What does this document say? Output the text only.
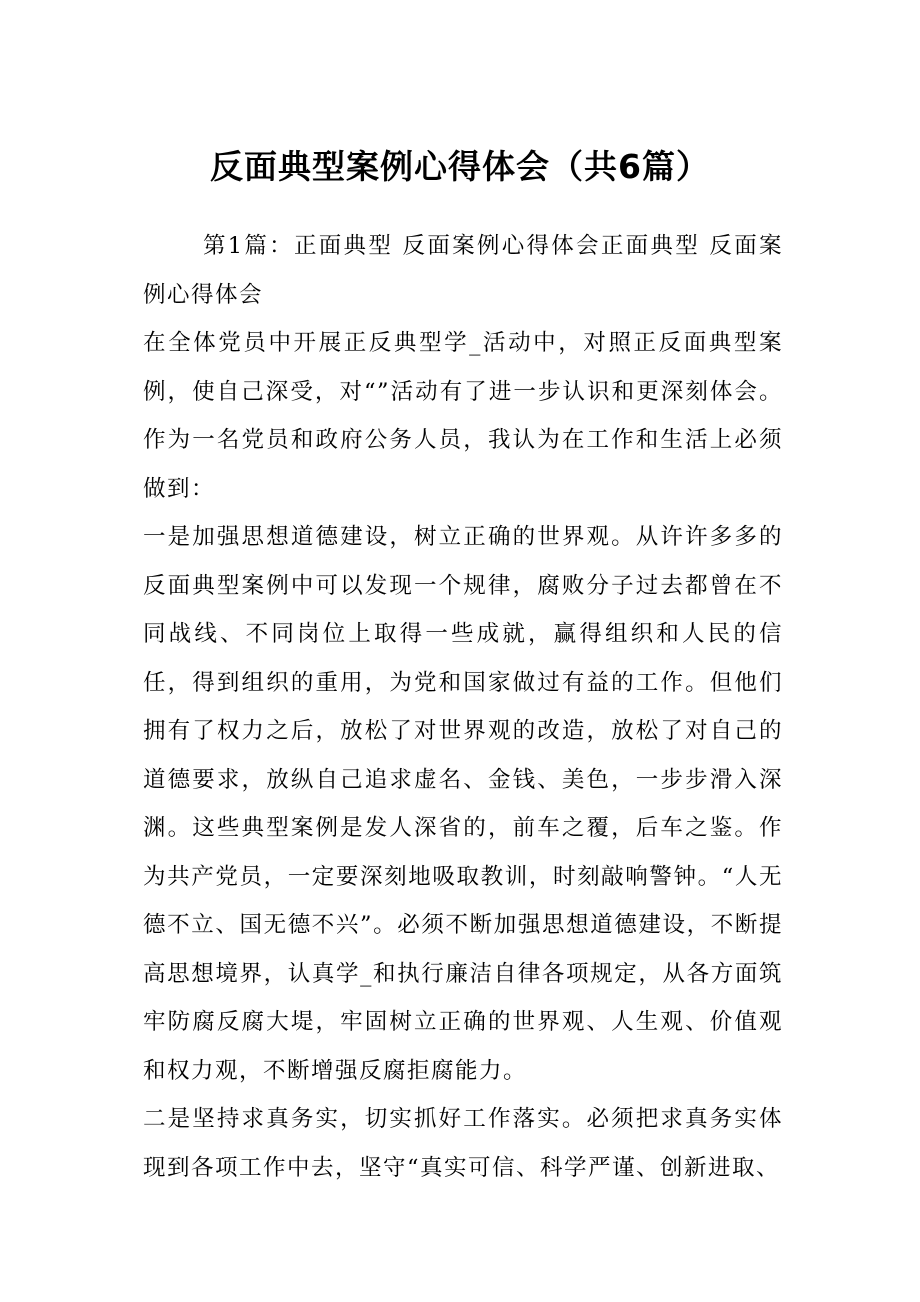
反面典型案例心得体会（共6篇）

第1篇：正面典型 反面案例心得体会正面典型 反面案例心得体会

在全体党员中开展正反典型学_活动中，对照正反面典型案例，使自己深受，对“”活动有了进一步认识和更深刻体会。作为一名党员和政府公务人员，我认为在工作和生活上必须做到：

一是加强思想道德建设，树立正确的世界观。从许许多多的反面典型案例中可以发现一个规律，腐败分子过去都曾在不同战线、不同岗位上取得一些成就，赢得组织和人民的信任，得到组织的重用，为党和国家做过有益的工作。但他们拥有了权力之后，放松了对世界观的改造，放松了对自己的道德要求，放纵自己追求虚名、金钱、美色，一步步滑入深渊。这些典型案例是发人深省的，前车之覆，后车之鉴。作为共产党员，一定要深刻地吸取教训，时刻敲响警钟。“人无德不立、国无德不兴”。必须不断加强思想道德建设，不断提高思想境界，认真学_和执行廉洁自律各项规定，从各方面筑牢防腐反腐大堤，牢固树立正确的世界观、人生观、价值观和权力观，不断增强反腐拒腐能力。

二是坚持求真务实，切实抓好工作落实。必须把求真务实体现到各项工作中去，坚守“真实可信、科学严谨、创新进取、
